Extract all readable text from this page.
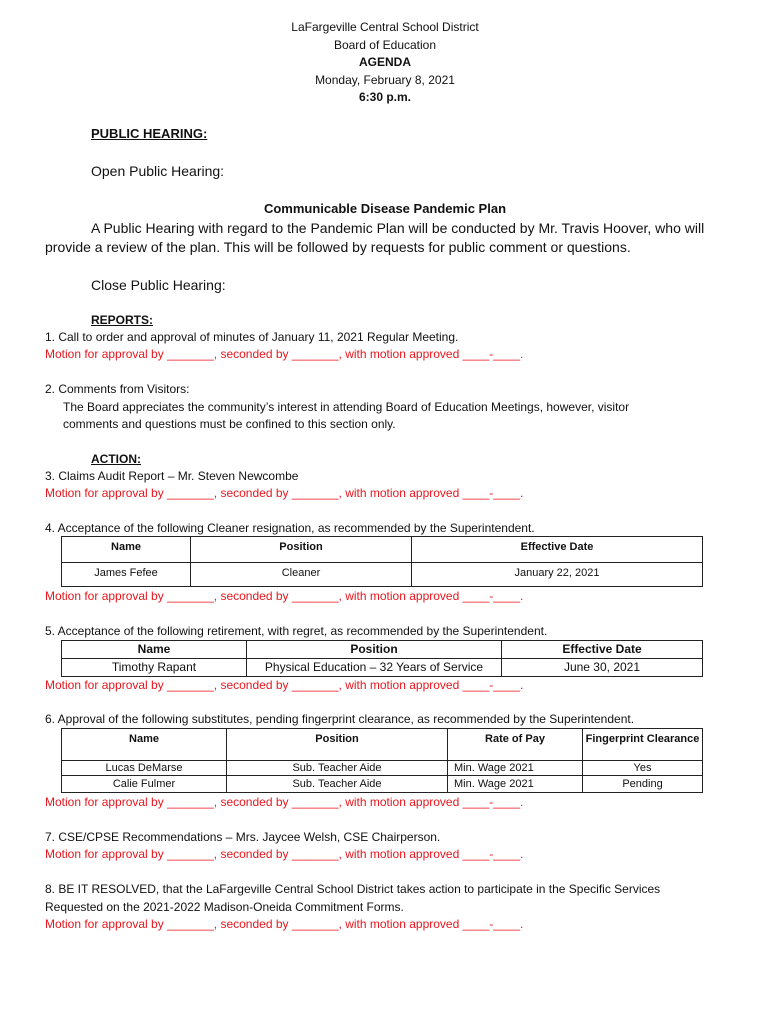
LaFargeville Central School District
Board of Education
AGENDA
Monday, February 8, 2021
6:30 p.m.
PUBLIC HEARING:
Open Public Hearing:
Communicable Disease Pandemic Plan
A Public Hearing with regard to the Pandemic Plan will be conducted by Mr. Travis Hoover, who will
provide a review of the plan. This will be followed by requests for public comment or questions.
Close Public Hearing:
REPORTS:
1. Call to order and approval of minutes of January 11, 2021 Regular Meeting.
Motion for approval by _______, seconded by _______, with motion approved ____-____.
2. Comments from Visitors:
The Board appreciates the community’s interest in attending Board of Education Meetings, however, visitor
comments and questions must be confined to this section only.
ACTION:
3. Claims Audit Report – Mr. Steven Newcombe
Motion for approval by _______, seconded by _______, with motion approved ____-____.
4. Acceptance of the following Cleaner resignation, as recommended by the Superintendent.
Name	Position	Effective Date
James Fefee	Cleaner	January 22, 2021
Motion for approval by _______, seconded by _______, with motion approved ____-____.
5. Acceptance of the following retirement, with regret, as recommended by the Superintendent.
Name	Position	Effective Date
Timothy Rapant	Physical Education – 32 Years of Service	June 30, 2021
Motion for approval by _______, seconded by _______, with motion approved ____-____.
6. Approval of the following substitutes, pending fingerprint clearance, as recommended by the Superintendent.
Name	Position	Rate of Pay	Fingerprint Clearance
Lucas DeMarse	Sub. Teacher Aide	Min. Wage 2021	Yes
Calie Fulmer	Sub. Teacher Aide	Min. Wage 2021	Pending
Motion for approval by _______, seconded by _______, with motion approved ____-____.
7. CSE/CPSE Recommendations – Mrs. Jaycee Welsh, CSE Chairperson.
Motion for approval by _______, seconded by _______, with motion approved ____-____.
8. BE IT RESOLVED, that the LaFargeville Central School District takes action to participate in the Specific Services
Requested on the 2021-2022 Madison-Oneida Commitment Forms.
Motion for approval by _______, seconded by _______, with motion approved ____-____.
